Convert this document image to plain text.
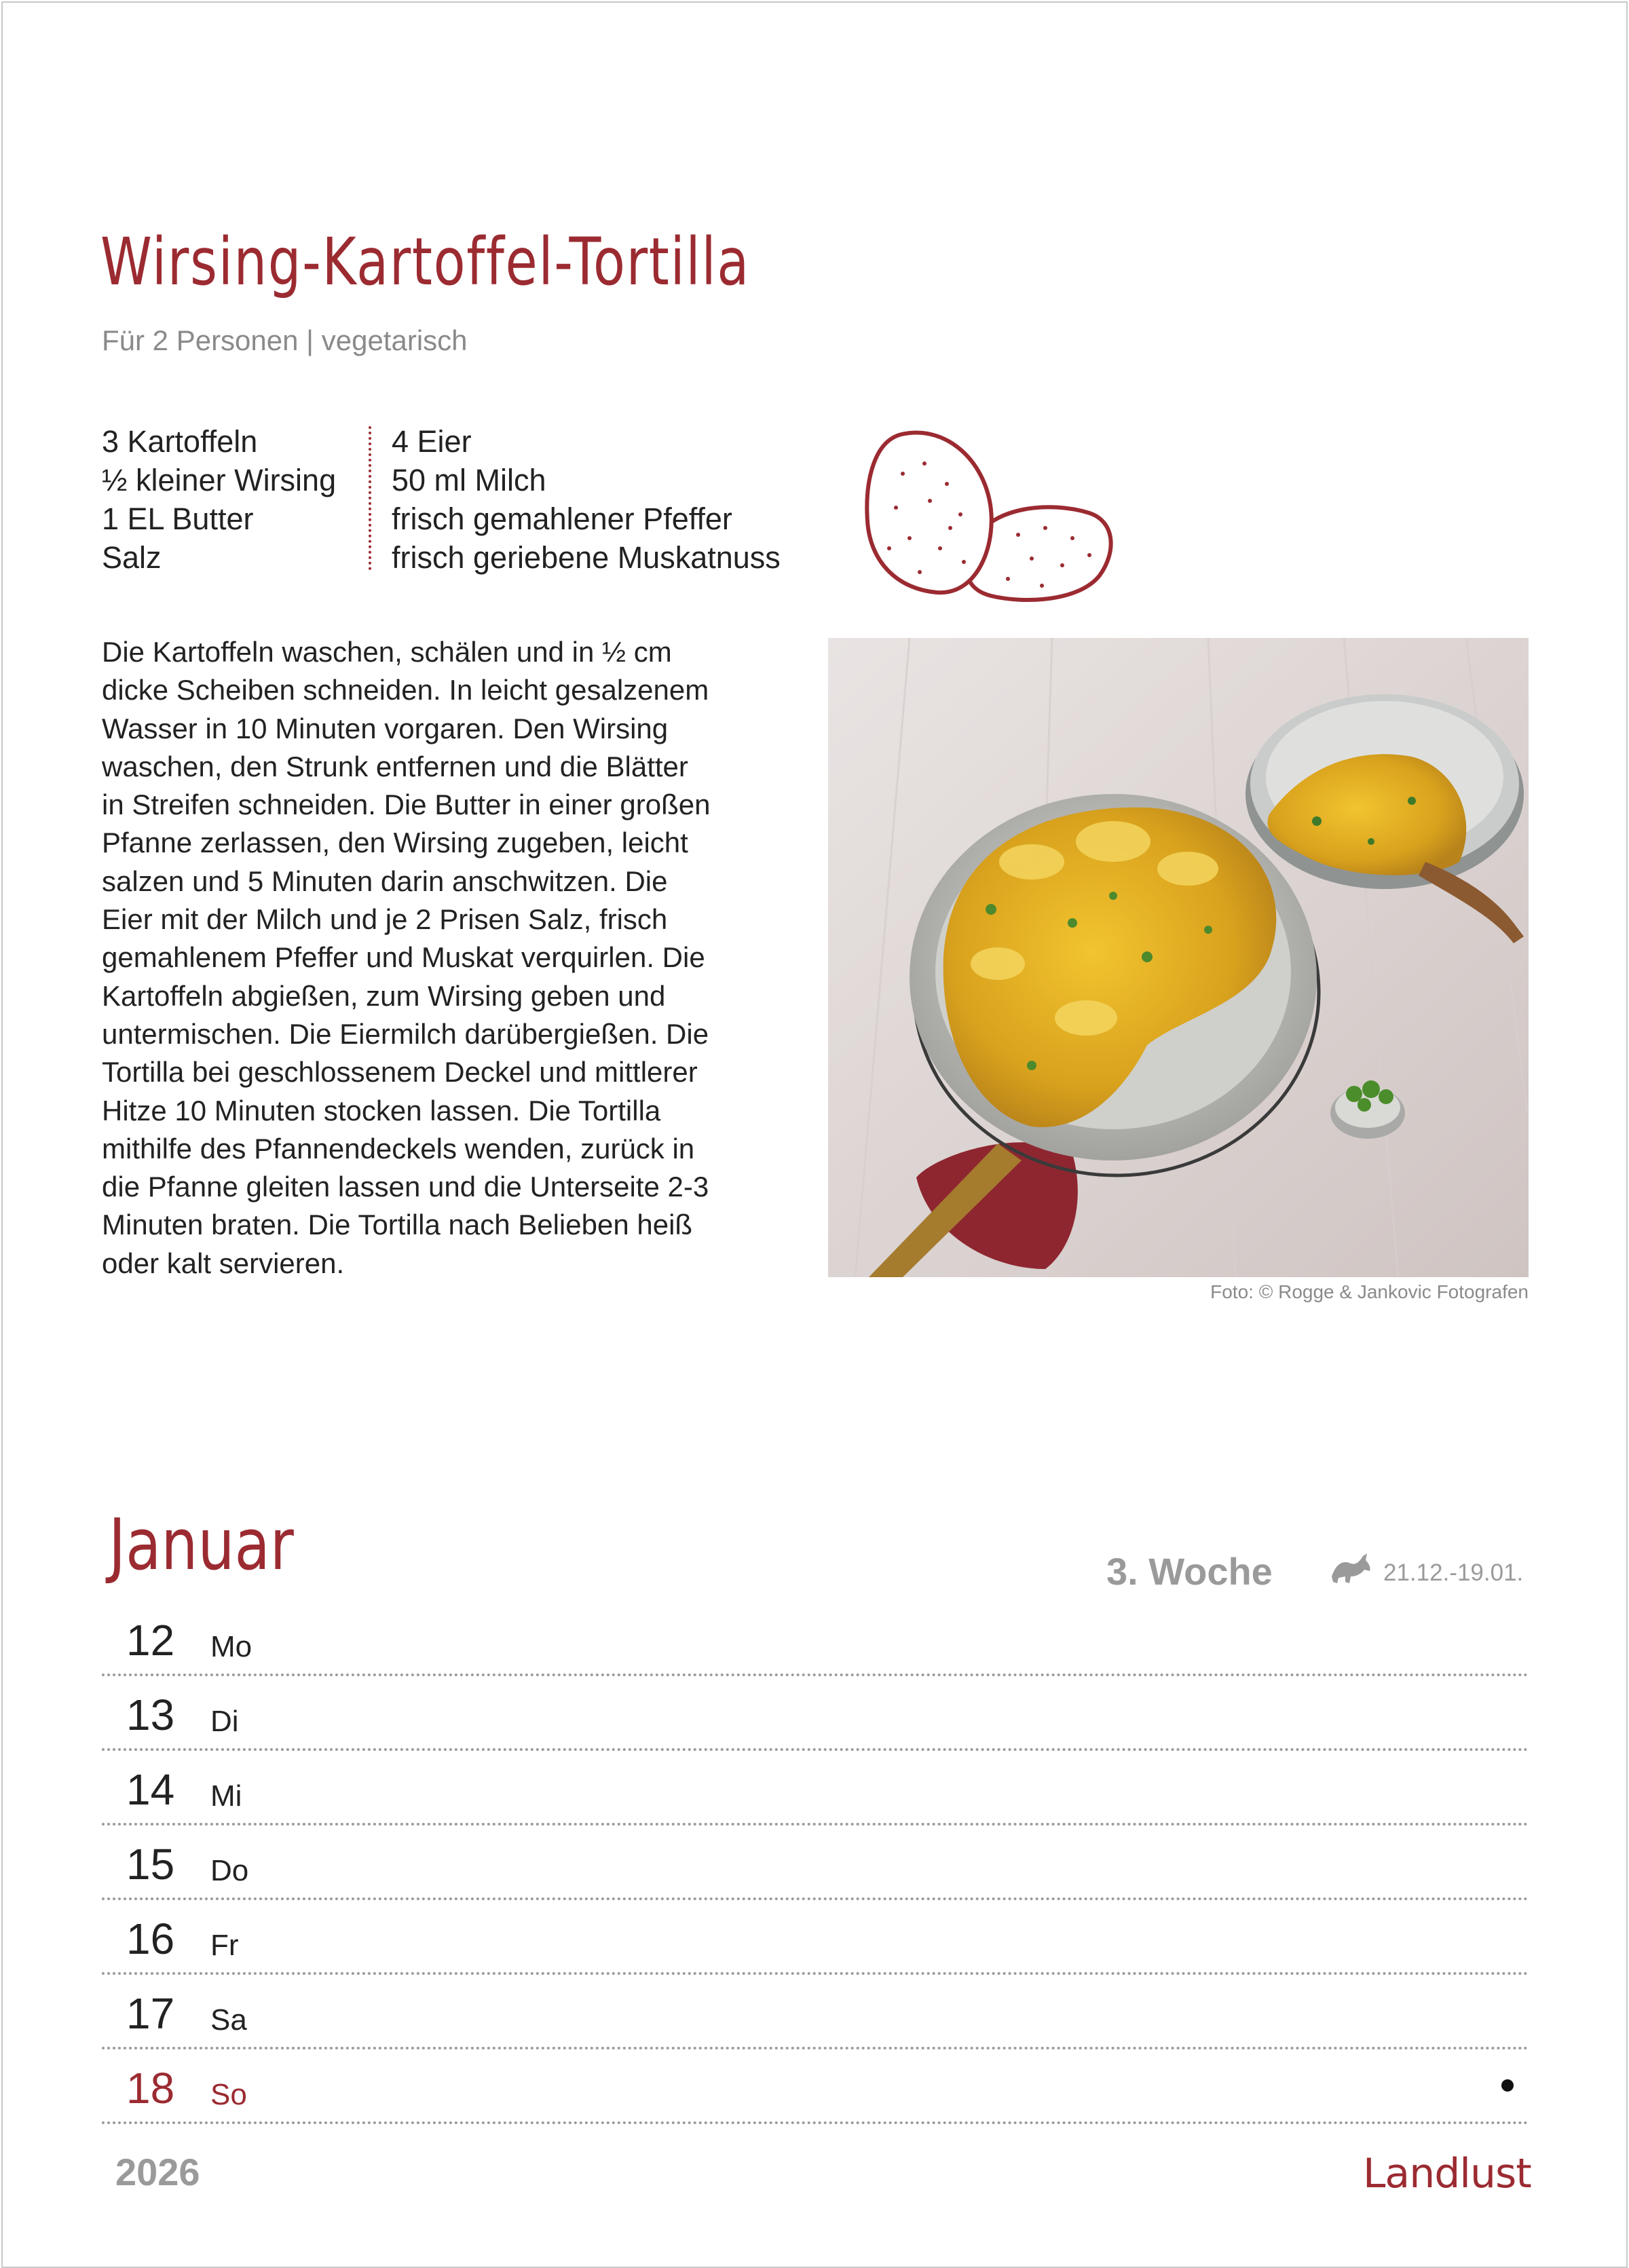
Wirsing-Kartoffel-Tortilla
Für 2 Personen | vegetarisch
3 Kartoffeln
½ kleiner Wirsing
1 EL Butter
Salz
4 Eier
50 ml Milch
frisch gemahlener Pfeffer
frisch geriebene Muskatnuss
Die Kartoffeln waschen, schälen und in ½ cm
dicke Scheiben schneiden. In leicht gesalzenem
Wasser in 10 Minuten vorgaren. Den Wirsing
waschen, den Strunk entfernen und die Blätter
in Streifen schneiden. Die Butter in einer großen
Pfanne zerlassen, den Wirsing zugeben, leicht
salzen und 5 Minuten darin anschwitzen. Die
Eier mit der Milch und je 2 Prisen Salz, frisch
gemahlenem Pfeffer und Muskat verquirlen. Die
Kartoffeln abgießen, zum Wirsing geben und
untermischen. Die Eiermilch darübergießen. Die
Tortilla bei geschlossenem Deckel und mittlerer
Hitze 10 Minuten stocken lassen. Die Tortilla
mithilfe des Pfannendeckels wenden, zurück in
die Pfanne gleiten lassen und die Unterseite 2-3
Minuten braten. Die Tortilla nach Belieben heiß
oder kalt servieren.
Foto: © Rogge & Jankovic Fotografen
Januar	3. Woche	21.12.-19.01.
12 Mo
13 Di
14 Mi
15 Do
16 Fr
17 Sa
18 So
2026	Landlust
